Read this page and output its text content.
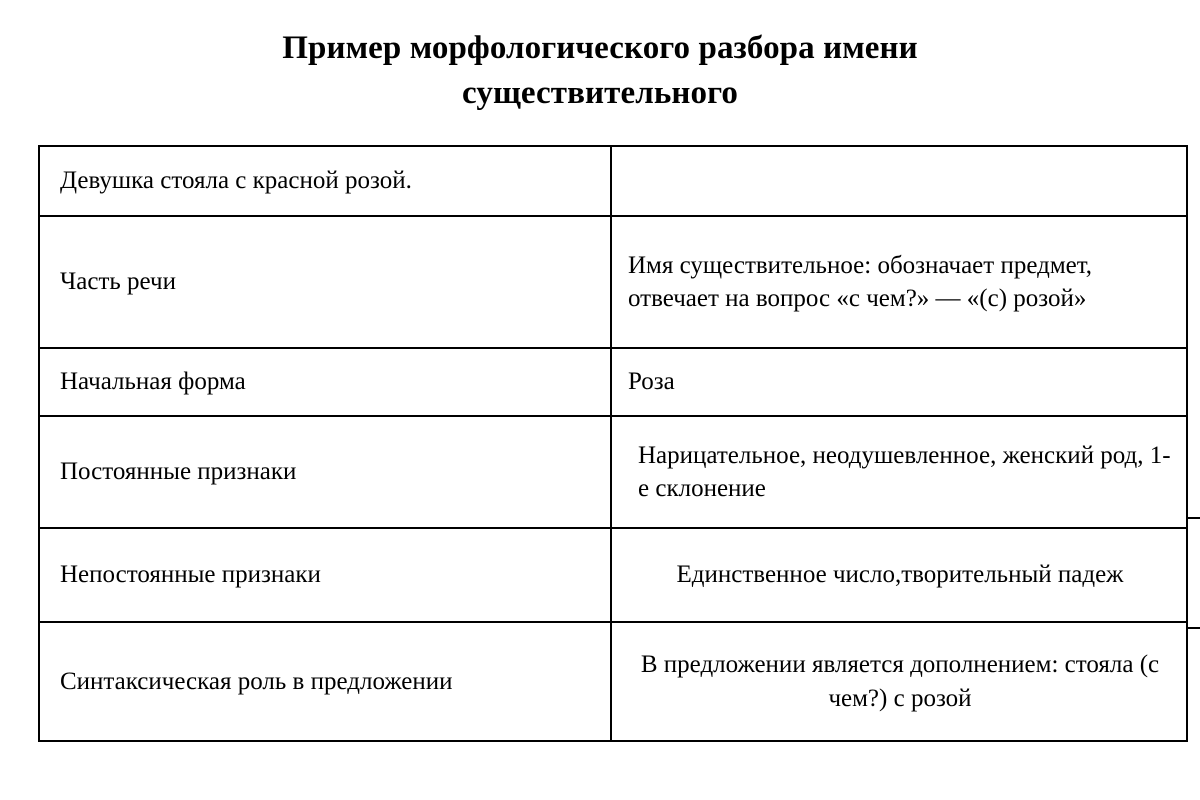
Пример морфологического разбора имени существительного
Девушка стояла с красной розой.	

Часть речи	Имя существительное: обозначает предмет, отвечает на вопрос «с чем?» — «(с) розой»

Начальная форма	Роза

Постоянные признаки	Нарицательное, неодушевленное, женский род, 1-е склонение

Непостоянные признаки	Единственное число,творительный падеж

Синтаксическая роль в предложении	В предложении является дополнением: стояла (с чем?) с розой
